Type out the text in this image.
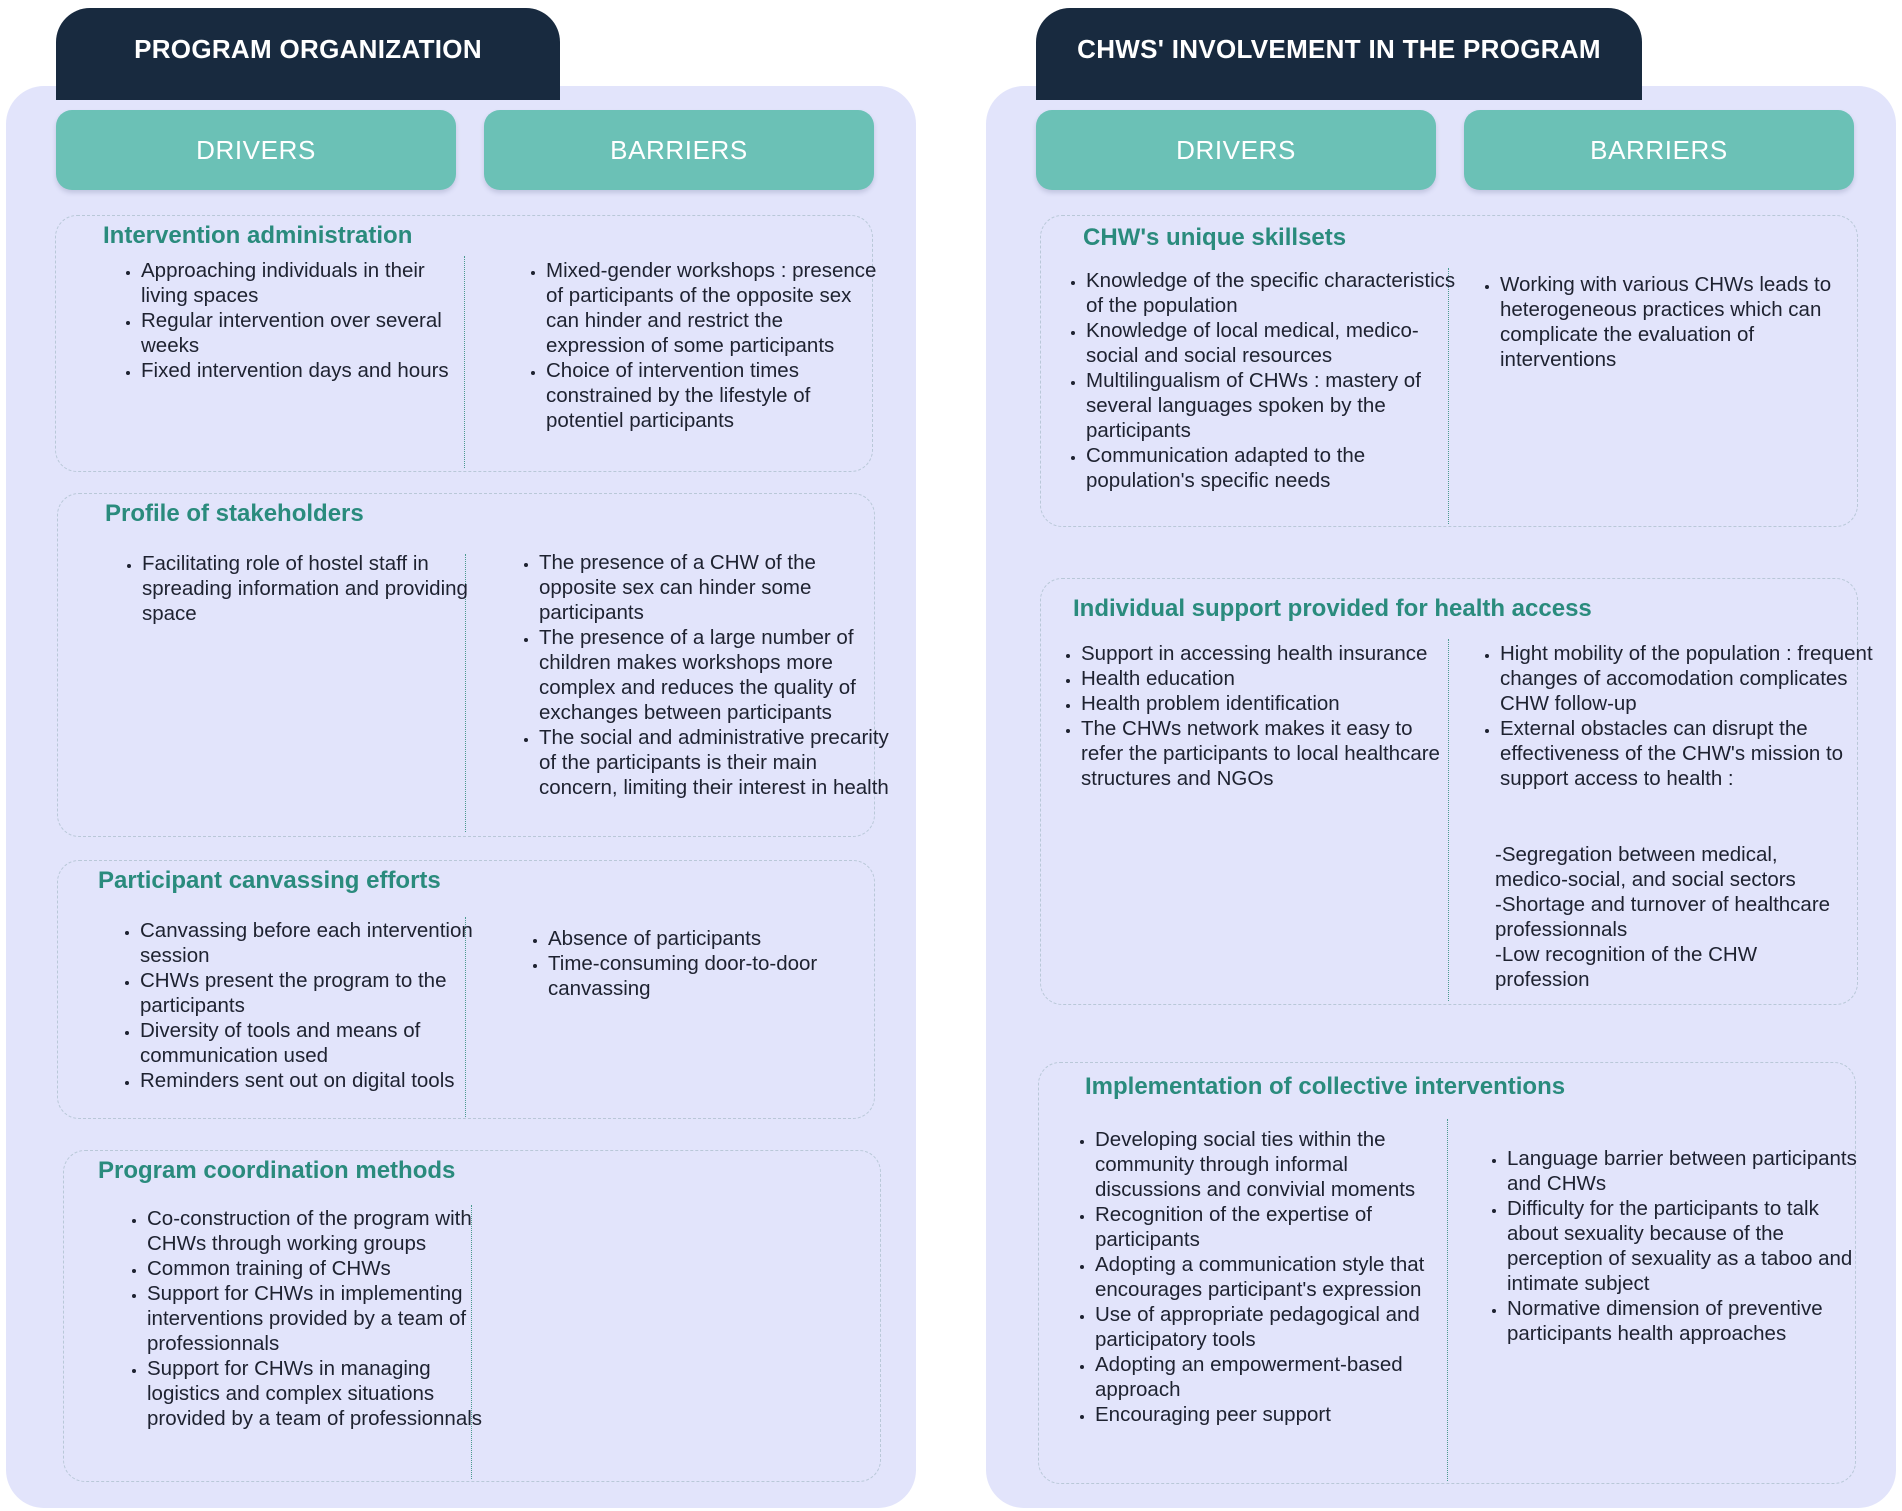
PROGRAM ORGANIZATION
DRIVERS	BARRIERS
Intervention administration
• Approaching individuals in their living spaces
• Regular intervention over several weeks
• Fixed intervention days and hours
• Mixed-gender workshops : presence of participants of the opposite sex can hinder and restrict the expression of some participants
• Choice of intervention times constrained by the lifestyle of potentiel participants
Profile of stakeholders
• Facilitating role of hostel staff in spreading information and providing space
• The presence of a CHW of the opposite sex can hinder some participants
• The presence of a large number of children makes workshops more complex and reduces the quality of exchanges between participants
• The social and administrative precarity of the participants is their main concern, limiting their interest in health
Participant canvassing efforts
• Canvassing before each intervention session
• CHWs present the program to the participants
• Diversity of tools and means of communication used
• Reminders sent out on digital tools
• Absence of participants
• Time-consuming door-to-door canvassing
Program coordination methods
• Co-construction of the program with CHWs through working groups
• Common training of CHWs
• Support for CHWs in implementing interventions provided by a team of professionnals
• Support for CHWs in managing logistics and complex situations provided by a team of professionnals
CHWS' INVOLVEMENT IN THE PROGRAM
DRIVERS	BARRIERS
CHW's unique skillsets
• Knowledge of the specific characteristics of the population
• Knowledge of local medical, medico-social and social resources
• Multilingualism of CHWs : mastery of several languages spoken by the participants
• Communication adapted to the population's specific needs
• Working with various CHWs leads to heterogeneous practices which can complicate the evaluation of interventions
Individual support provided for health access
• Support in accessing health insurance
• Health education
• Health problem identification
• The CHWs network makes it easy to refer the participants to local healthcare structures and NGOs
• Hight mobility of the population : frequent changes of accomodation complicates CHW follow-up
• External obstacles can disrupt the effectiveness of the CHW's mission to support access to health :
-Segregation between medical, medico-social, and social sectors
-Shortage and turnover of healthcare professionnals
-Low recognition of the CHW profession
Implementation of collective interventions
• Developing social ties within the community through informal discussions and convivial moments
• Recognition of the expertise of participants
• Adopting a communication style that encourages participant's expression
• Use of appropriate pedagogical and participatory tools
• Adopting an empowerment-based approach
• Encouraging peer support
• Language barrier between participants and CHWs
• Difficulty for the participants to talk about sexuality because of the perception of sexuality as a taboo and intimate subject
• Normative dimension of preventive participants health approaches
